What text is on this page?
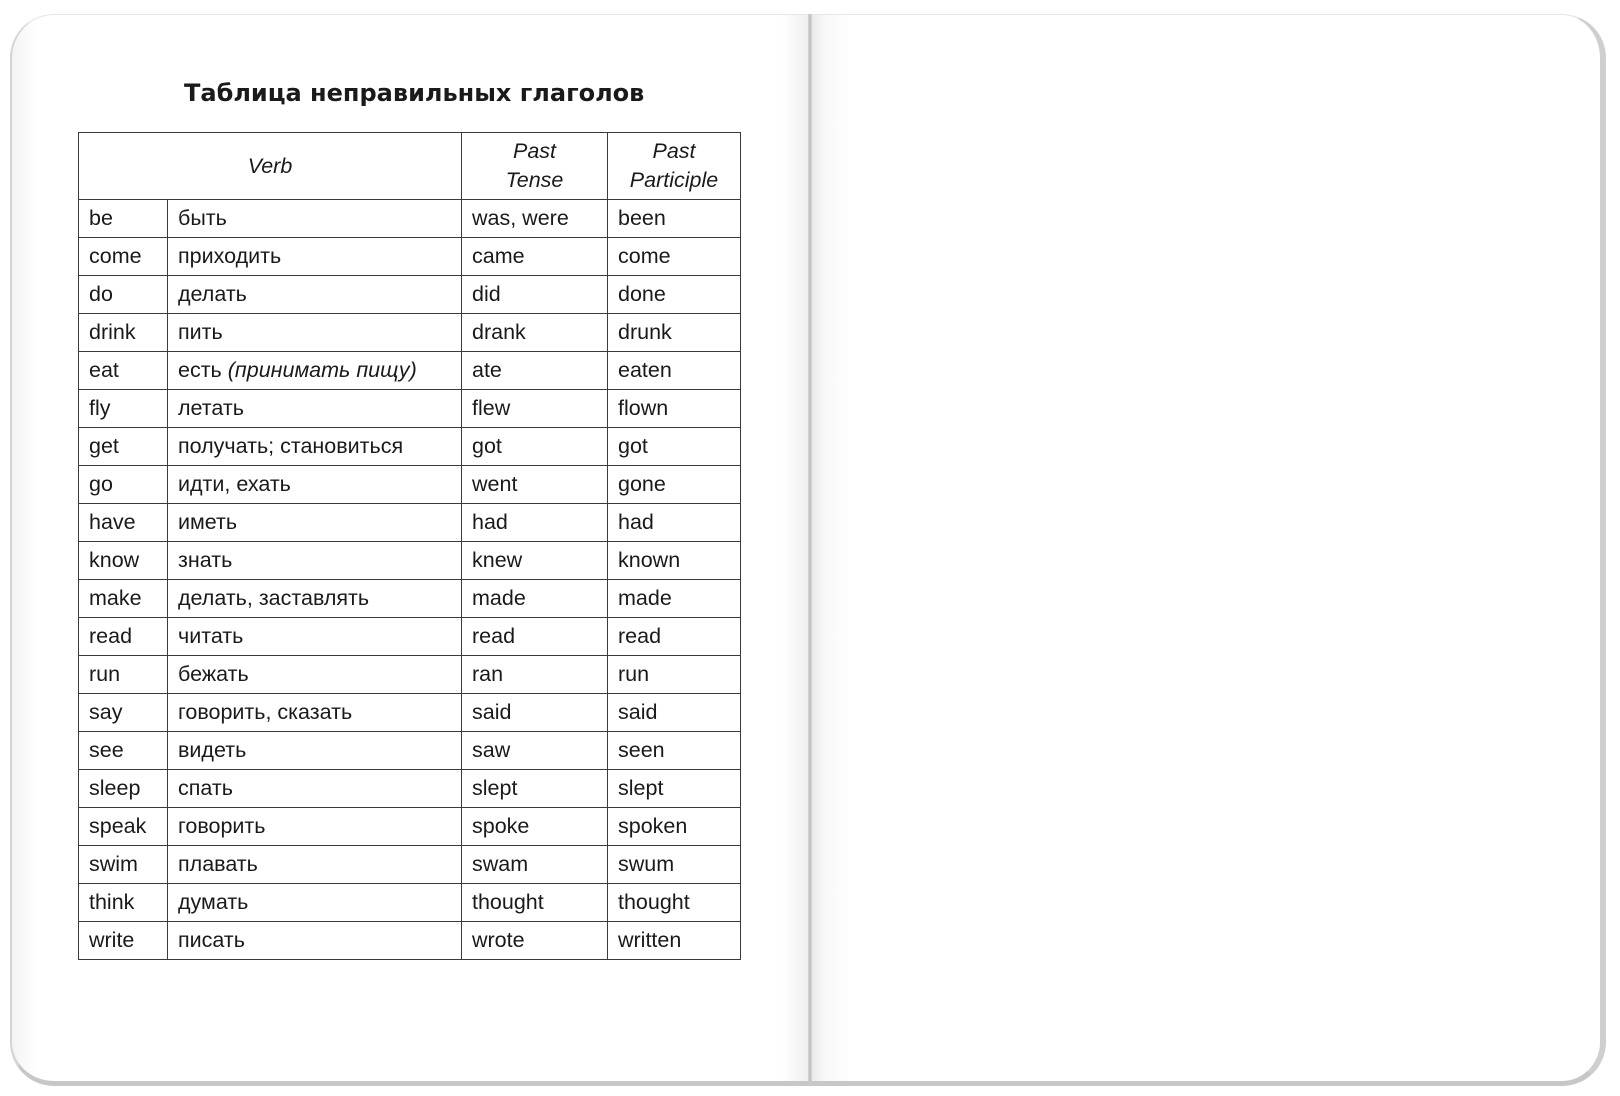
Таблица неправильных глаголов
Verb		Past Tense	Past Participle

be	быть	was, were	been
come	приходить	came	come
do	делать	did	done
drink	пить	drank	drunk
eat	есть (принимать пищу)	ate	eaten
fly	летать	flew	flown
get	получать; становиться	got	got
go	идти, ехать	went	gone
have	иметь	had	had
know	знать	knew	known
make	делать, заставлять	made	made
read	читать	read	read
run	бежать	ran	run
say	говорить, сказать	said	said
see	видеть	saw	seen
sleep	спать	slept	slept
speak	говорить	spoke	spoken
swim	плавать	swam	swum
think	думать	thought	thought
write	писать	wrote	written
